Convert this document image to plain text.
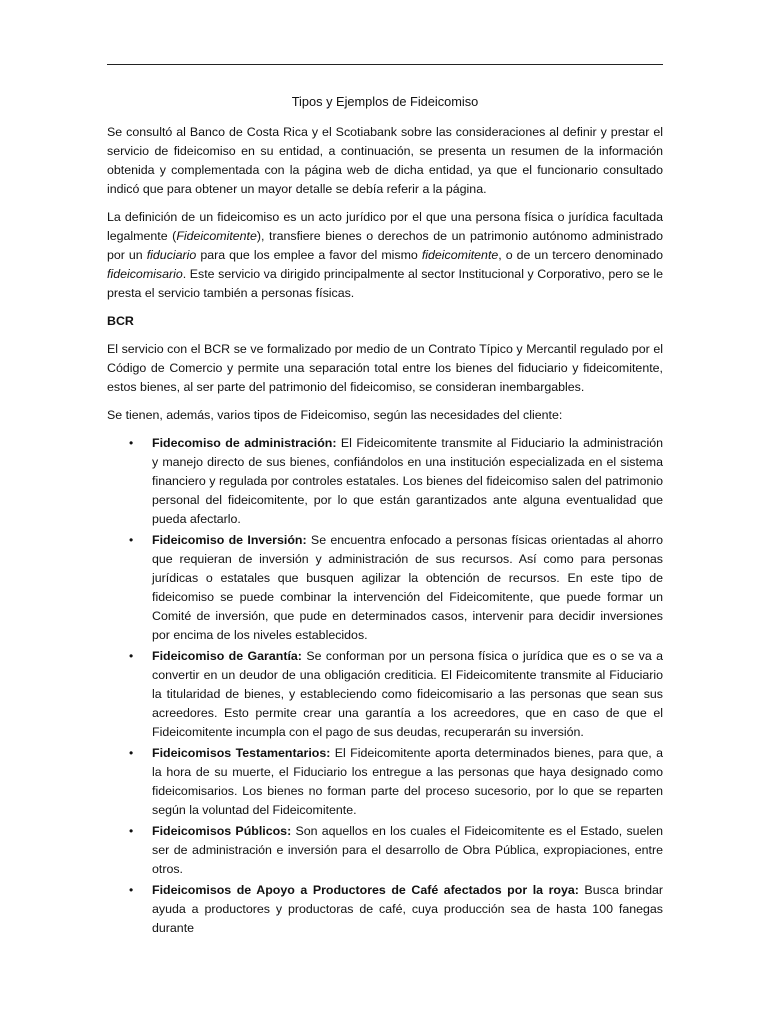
Tipos y Ejemplos de Fideicomiso

Se consultó al Banco de Costa Rica y el Scotiabank sobre las consideraciones al definir y prestar el servicio de fideicomiso en su entidad, a continuación, se presenta un resumen de la información obtenida y complementada con la página web de dicha entidad, ya que el funcionario consultado indicó que para obtener un mayor detalle se debía referir a la página.

La definición de un fideicomiso es un acto jurídico por el que una persona física o jurídica facultada legalmente (Fideicomitente), transfiere bienes o derechos de un patrimonio autónomo administrado por un fiduciario para que los emplee a favor del mismo fideicomitente, o de un tercero denominado fideicomisario. Este servicio va dirigido principalmente al sector Institucional y Corporativo, pero se le presta el servicio también a personas físicas.

BCR

El servicio con el BCR se ve formalizado por medio de un Contrato Típico y Mercantil regulado por el Código de Comercio y permite una separación total entre los bienes del fiduciario y fideicomitente, estos bienes, al ser parte del patrimonio del fideicomiso, se consideran inembargables.

Se tienen, además, varios tipos de Fideicomiso, según las necesidades del cliente:

• Fidecomiso de administración: El Fideicomitente transmite al Fiduciario la administración y manejo directo de sus bienes, confiándolos en una institución especializada en el sistema financiero y regulada por controles estatales. Los bienes del fideicomiso salen del patrimonio personal del fideicomitente, por lo que están garantizados ante alguna eventualidad que pueda afectarlo.
• Fideicomiso de Inversión: Se encuentra enfocado a personas físicas orientadas al ahorro que requieran de inversión y administración de sus recursos. Así como para personas jurídicas o estatales que busquen agilizar la obtención de recursos. En este tipo de fideicomiso se puede combinar la intervención del Fideicomitente, que puede formar un Comité de inversión, que pude en determinados casos, intervenir para decidir inversiones por encima de los niveles establecidos.
• Fideicomiso de Garantía: Se conforman por un persona física o jurídica que es o se va a convertir en un deudor de una obligación crediticia. El Fideicomitente transmite al Fiduciario la titularidad de bienes, y estableciendo como fideicomisario a las personas que sean sus acreedores. Esto permite crear una garantía a los acreedores, que en caso de que el Fideicomitente incumpla con el pago de sus deudas, recuperarán su inversión.
• Fideicomisos Testamentarios: El Fideicomitente aporta determinados bienes, para que, a la hora de su muerte, el Fiduciario los entregue a las personas que haya designado como fideicomisarios. Los bienes no forman parte del proceso sucesorio, por lo que se reparten según la voluntad del Fideicomitente.
• Fideicomisos Públicos: Son aquellos en los cuales el Fideicomitente es el Estado, suelen ser de administración e inversión para el desarrollo de Obra Pública, expropiaciones, entre otros.
• Fideicomisos de Apoyo a Productores de Café afectados por la roya: Busca brindar ayuda a productores y productoras de café, cuya producción sea de hasta 100 fanegas durante
